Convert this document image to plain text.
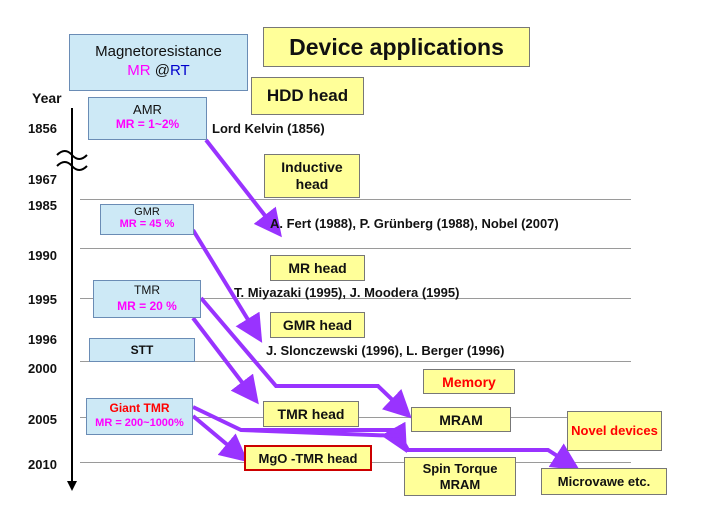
Magnetoresistance
MR @RT
Device applications
Year
1856
1967
1985
1990
1995
1996
2000
2005
2010
AMR
MR = 1~2%
GMR
MR = 45 %
TMR
MR = 20 %
STT
Giant TMR
MR = 200~1000%
Lord Kelvin (1856)
A. Fert (1988), P. Grünberg (1988), Nobel (2007)
T. Miyazaki (1995), J. Moodera (1995)
J. Slonczewski (1996), L. Berger (1996)
HDD head
Inductive head
MR head
GMR head
Memory
TMR head	MRAM
Novel devices
MgO -TMR head
Spin Torque MRAM	Microvawe etc.
